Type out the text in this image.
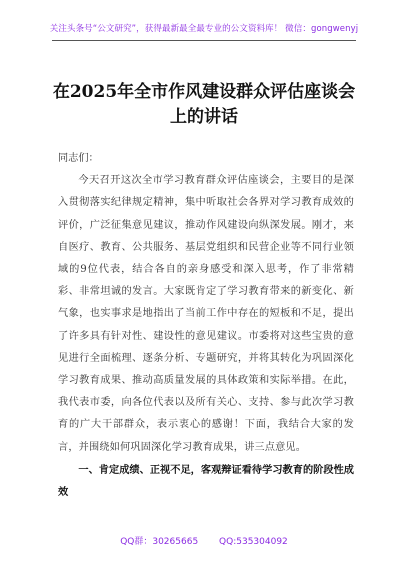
关注头条号“公文研究”，获得最新最全最专业的公文资料库！ 微信：gongwenyj
在2025年全市作风建设群众评估座谈会
上的讲话

同志们：

今天召开这次全市学习教育群众评估座谈会，主要目的是深入贯彻落实纪律规定精神，集中听取社会各界对学习教育成效的评价，广泛征集意见建议，推动作风建设向纵深发展。刚才，来自医疗、教育、公共服务、基层党组织和民营企业等不同行业领域的9位代表，结合各自的亲身感受和深入思考，作了非常精彩、非常坦诚的发言。大家既肯定了学习教育带来的新变化、新气象，也实事求是地指出了当前工作中存在的短板和不足，提出了许多具有针对性、建设性的意见建议。市委将对这些宝贵的意见进行全面梳理、逐条分析、专题研究，并将其转化为巩固深化学习教育成果、推动高质量发展的具体政策和实际举措。在此，我代表市委，向各位代表以及所有关心、支持、参与此次学习教育的广大干部群众，表示衷心的感谢！下面，我结合大家的发言，并围绕如何巩固深化学习教育成果，讲三点意见。

一、肯定成绩、正视不足，客观辩证看待学习教育的阶段性成效

QQ群：30265665 QQ:535304092
